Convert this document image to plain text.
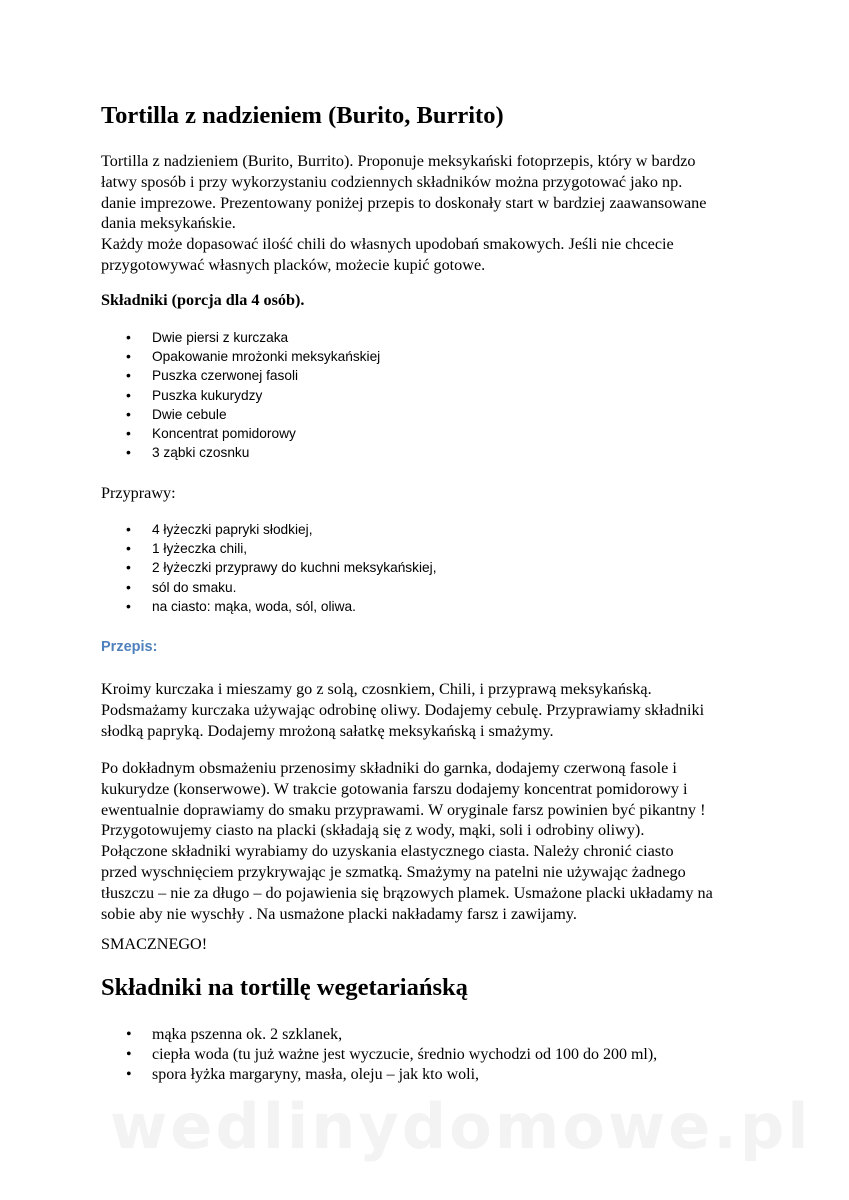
Tortilla z nadzieniem (Burito, Burrito)
Tortilla z nadzieniem (Burito, Burrito). Proponuje meksykański fotoprzepis, który w bardzo
łatwy sposób i przy wykorzystaniu codziennych składników można przygotować jako np.
danie imprezowe. Prezentowany poniżej przepis to doskonały start w bardziej zaawansowane
dania meksykańskie.
Każdy może dopasować ilość chili do własnych upodobań smakowych. Jeśli nie chcecie
przygotowywać własnych placków, możecie kupić gotowe.
Składniki (porcja dla 4 osób).
• Dwie piersi z kurczaka
• Opakowanie mrożonki meksykańskiej
• Puszka czerwonej fasoli
• Puszka kukurydzy
• Dwie cebule
• Koncentrat pomidorowy
• 3 ząbki czosnku
Przyprawy:
• 4 łyżeczki papryki słodkiej,
• 1 łyżeczka chili,
• 2 łyżeczki przyprawy do kuchni meksykańskiej,
• sól do smaku.
• na ciasto: mąka, woda, sól, oliwa.
Przepis:
Kroimy kurczaka i mieszamy go z solą, czosnkiem, Chili, i przyprawą meksykańską.
Podsmażamy kurczaka używając odrobinę oliwy. Dodajemy cebulę. Przyprawiamy składniki
słodką papryką. Dodajemy mrożoną sałatkę meksykańską i smażymy.
Po dokładnym obsmażeniu przenosimy składniki do garnka, dodajemy czerwoną fasole i
kukurydze (konserwowe). W trakcie gotowania farszu dodajemy koncentrat pomidorowy i
ewentualnie doprawiamy do smaku przyprawami. W oryginale farsz powinien być pikantny !
Przygotowujemy ciasto na placki (składają się z wody, mąki, soli i odrobiny oliwy).
Połączone składniki wyrabiamy do uzyskania elastycznego ciasta. Należy chronić ciasto
przed wyschnięciem przykrywając je szmatką. Smażymy na patelni nie używając żadnego
tłuszczu – nie za długo – do pojawienia się brązowych plamek. Usmażone placki układamy na
sobie aby nie wyschły . Na usmażone placki nakładamy farsz i zawijamy.
SMACZNEGO!
Składniki na tortillę wegetariańską
• mąka pszenna ok. 2 szklanek,
• ciepła woda (tu już ważne jest wyczucie, średnio wychodzi od 100 do 200 ml),
• spora łyżka margaryny, masła, oleju – jak kto woli,
wedlinydomowe.pl
